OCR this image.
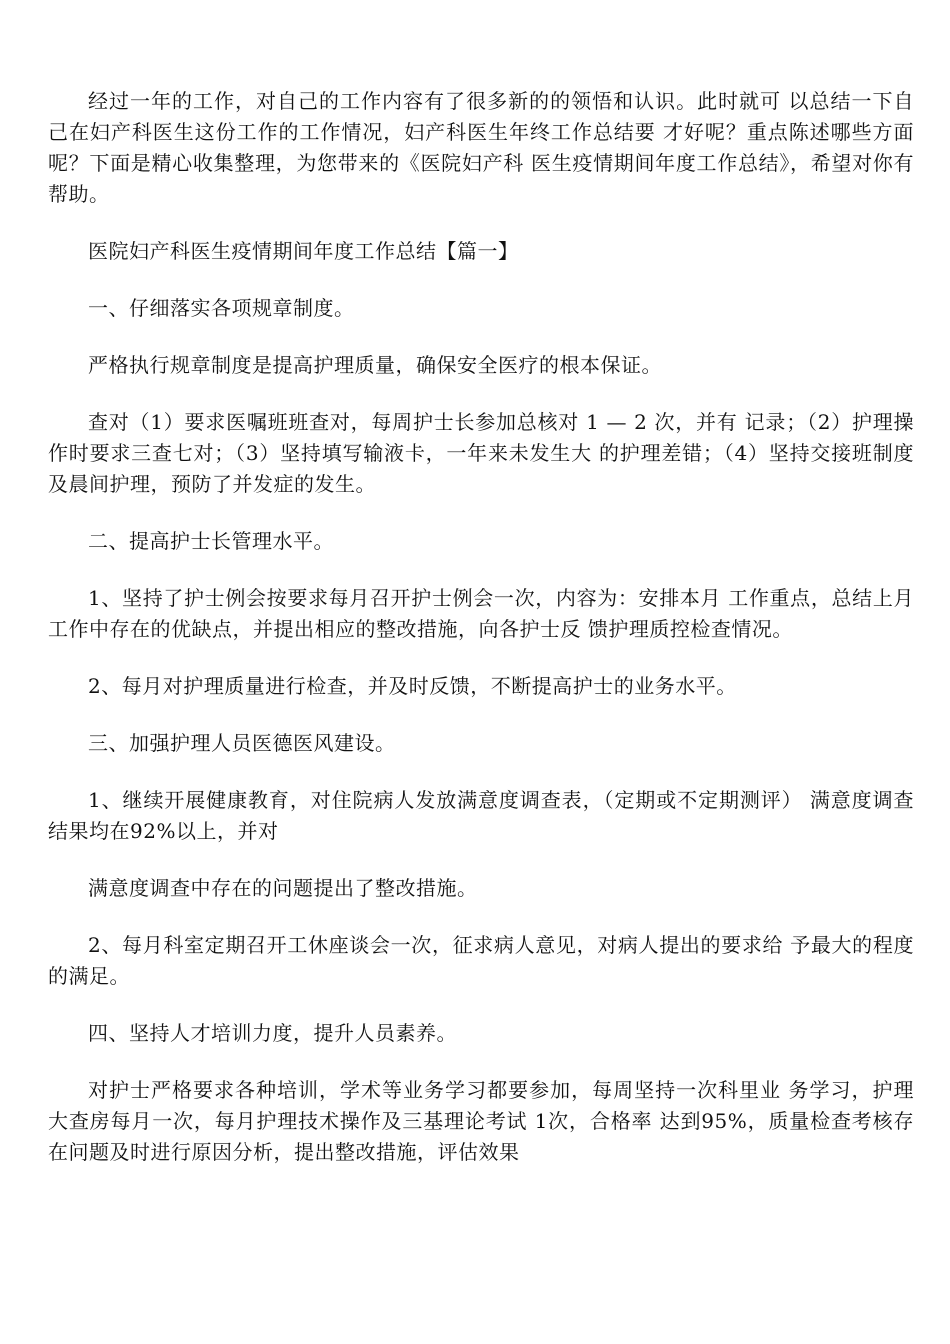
经过一年的工作，对自己的工作内容有了很多新的的领悟和认识。此时就可 以总结一下自己在妇产科医生这份工作的工作情况，妇产科医生年终工作总结要 才好呢？重点陈述哪些方面呢？下面是精心收集整理，为您带来的《医院妇产科 医生疫情期间年度工作总结》，希望对你有帮助。

医院妇产科医生疫情期间年度工作总结【篇一】

一、仔细落实各项规章制度。

严格执行规章制度是提高护理质量，确保安全医疗的根本保证。

查对（1）要求医嘱班班查对，每周护士长参加总核对 1 — 2 次，并有 记录；（2）护理操作时要求三查七对；（3）坚持填写输液卡，一年来未发生大 的护理差错；（4）坚持交接班制度及晨间护理，预防了并发症的发生。

二、提高护士长管理水平。

1、坚持了护士例会按要求每月召开护士例会一次，内容为：安排本月 工作重点，总结上月工作中存在的优缺点，并提出相应的整改措施，向各护士反 馈护理质控检查情况。

2、每月对护理质量进行检查，并及时反馈，不断提高护士的业务水平。

三、加强护理人员医德医风建设。

1、继续开展健康教育，对住院病人发放满意度调查表，（定期或不定期测评） 满意度调查结果均在92%以上，并对

满意度调查中存在的问题提出了整改措施。

2、每月科室定期召开工休座谈会一次，征求病人意见，对病人提出的要求给 予最大的程度的满足。

四、坚持人才培训力度，提升人员素养。

对护士严格要求各种培训，学术等业务学习都要参加，每周坚持一次科里业 务学习，护理大查房每月一次，每月护理技术操作及三基理论考试 1次，合格率 达到95%，质量检查考核存在问题及时进行原因分析，提出整改措施，评估效果
